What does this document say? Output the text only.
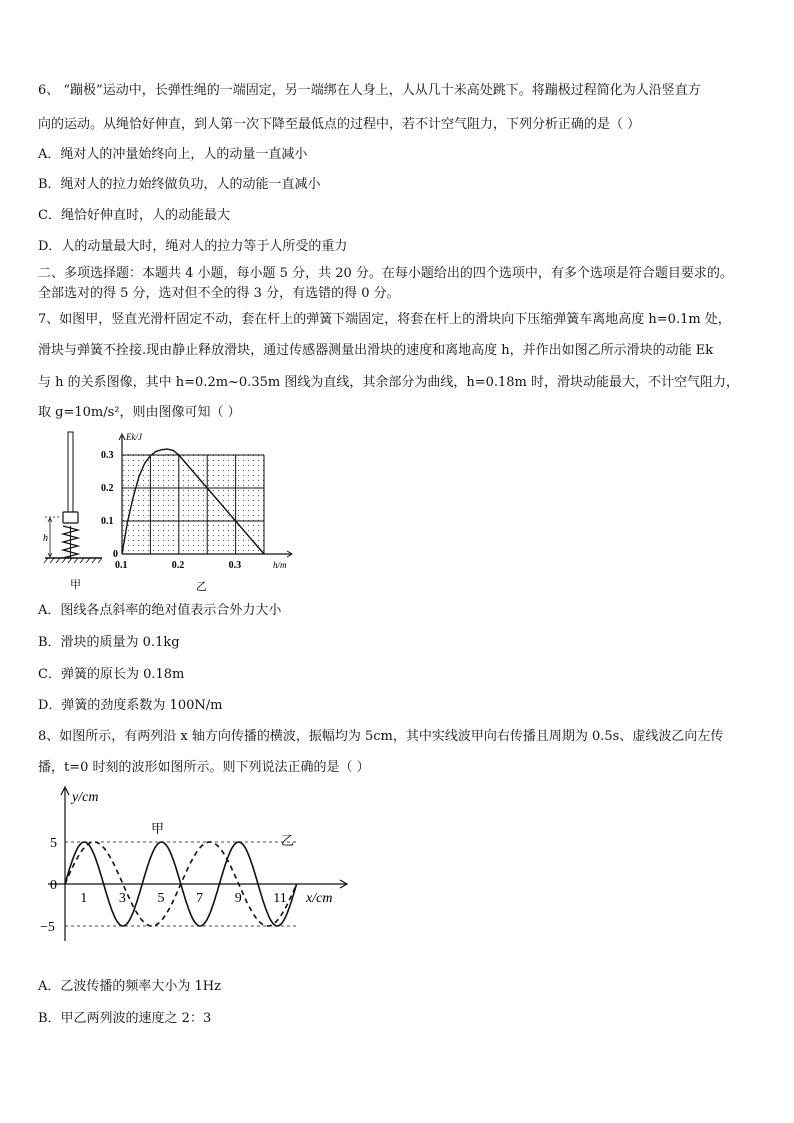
6、 “蹦极”运动中，长弹性绳的一端固定，另一端绑在人身上，人从几十米高处跳下。将蹦极过程简化为人沿竖直方
向的运动。从绳恰好伸直，到人第一次下降至最低点的过程中，若不计空气阻力，下列分析正确的是（ ）
A．绳对人的冲量始终向上，人的动量一直减小
B．绳对人的拉力始终做负功，人的动能一直减小
C．绳恰好伸直时，人的动能最大
D．人的动量最大时，绳对人的拉力等于人所受的重力
二、多项选择题：本题共 4 小题，每小题 5 分，共 20 分。在每小题给出的四个选项中，有多个选项是符合题目要求的。
全部选对的得 5 分，选对但不全的得 3 分，有选错的得 0 分。
7、如图甲，竖直光滑杆固定不动，套在杆上的弹簧下端固定，将套在杆上的滑块向下压缩弹簧车离地高度 h=0.1m 处，
滑块与弹簧不拴接.现由静止释放滑块，通过传感器测量出滑块的速度和离地高度 h，并作出如图乙所示滑块的动能 Ek
与 h 的关系图像，其中 h=0.2m~0.35m 图线为直线，其余部分为曲线，h=0.18m 时，滑块动能最大，不计空气阻力，
取 g=10m/s²，则由图像可知（ ）
h
甲
0.1	0.2	0.3
0
0.1
0.2
0.3
Ek/J
h/m
乙
A．图线各点斜率的绝对值表示合外力大小
B．滑块的质量为 0.1kg
C．弹簧的原长为 0.18m
D．弹簧的劲度系数为 100N/m
8、如图所示，有两列沿 x 轴方向传播的横波，振幅均为 5cm，其中实线波甲向右传播且周期为 0.5s、虚线波乙向左传
播，t=0 时刻的波形如图所示。则下列说法正确的是（ ）
1 3 5 7 9 11
5
0
−5
y/cm
x/cm
甲
乙
A．乙波传播的频率大小为 1Hz
B．甲乙两列波的速度之 2：3
